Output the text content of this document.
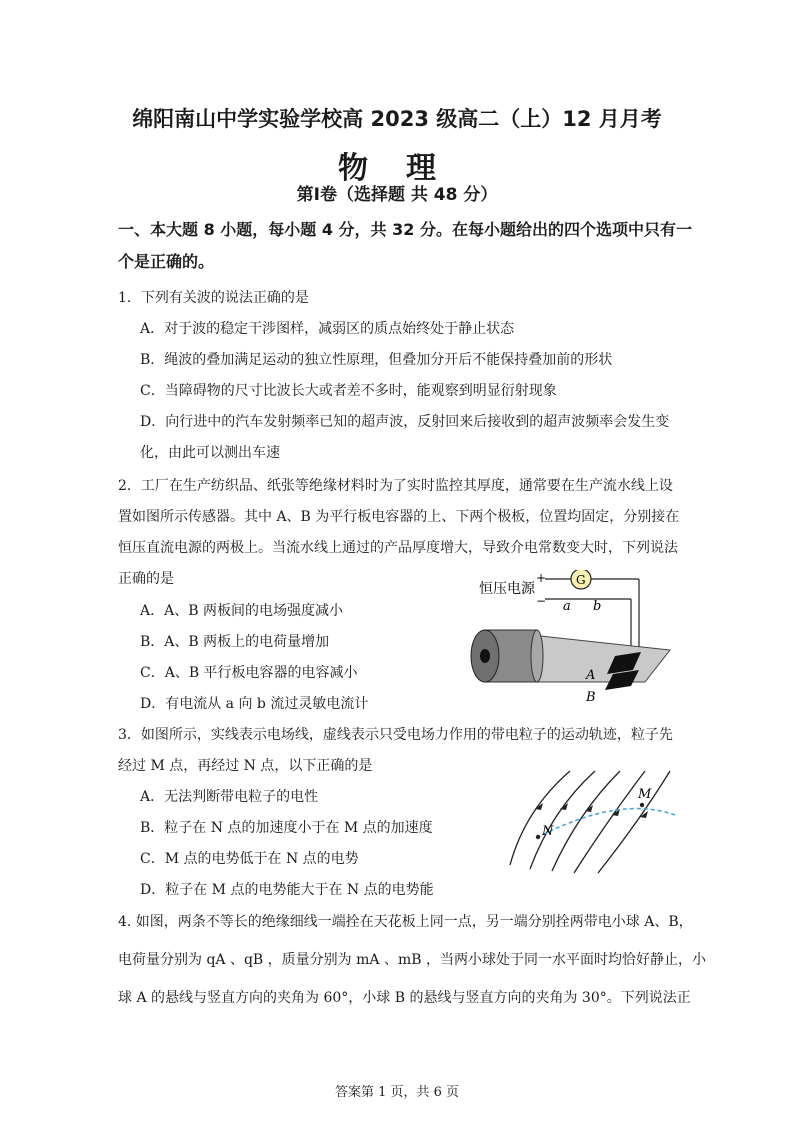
绵阳南山中学实验学校高 2023 级高二（上）12 月月考
物理
第Ⅰ卷（选择题 共 48 分）
一、本大题 8 小题，每小题 4 分，共 32 分。在每小题给出的四个选项中只有一
个是正确的。
1．下列有关波的说法正确的是
A．对于波的稳定干涉图样，减弱区的质点始终处于静止状态
B．绳波的叠加满足运动的独立性原理，但叠加分开后不能保持叠加前的形状
C．当障碍物的尺寸比波长大或者差不多时，能观察到明显衍射现象
D．向行进中的汽车发射频率已知的超声波，反射回来后接收到的超声波频率会发生变
化，由此可以测出车速
2．工厂在生产纺织品、纸张等绝缘材料时为了实时监控其厚度，通常要在生产流水线上设
置如图所示传感器。其中 A、B 为平行板电容器的上、下两个极板，位置均固定，分别接在
恒压直流电源的两极上。当流水线上通过的产品厚度增大，导致介电常数变大时，下列说法
正确的是
A．A、B 两板间的电场强度减小
B．A、B 两板上的电荷量增加
C．A、B 平行板电容器的电容减小
D．有电流从 a 向 b 流过灵敏电流计
恒压电源
+
−
G
a b
A
B
3．如图所示，实线表示电场线，虚线表示只受电场力作用的带电粒子的运动轨迹，粒子先
经过 M 点，再经过 N 点，以下正确的是
A．无法判断带电粒子的电性
B．粒子在 N 点的加速度小于在 M 点的加速度
C．M 点的电势低于在 N 点的电势
D．粒子在 M 点的电势能大于在 N 点的电势能
M
N
4. 如图，两条不等长的绝缘细线一端拴在天花板上同一点，另一端分别拴两带电小球 A、B，
电荷量分别为 qA 、qB ，质量分别为 mA 、mB ，当两小球处于同一水平面时均恰好静止，小
球 A 的悬线与竖直方向的夹角为 60°，小球 B 的悬线与竖直方向的夹角为 30°。下列说法正
答案第 1 页，共 6 页
